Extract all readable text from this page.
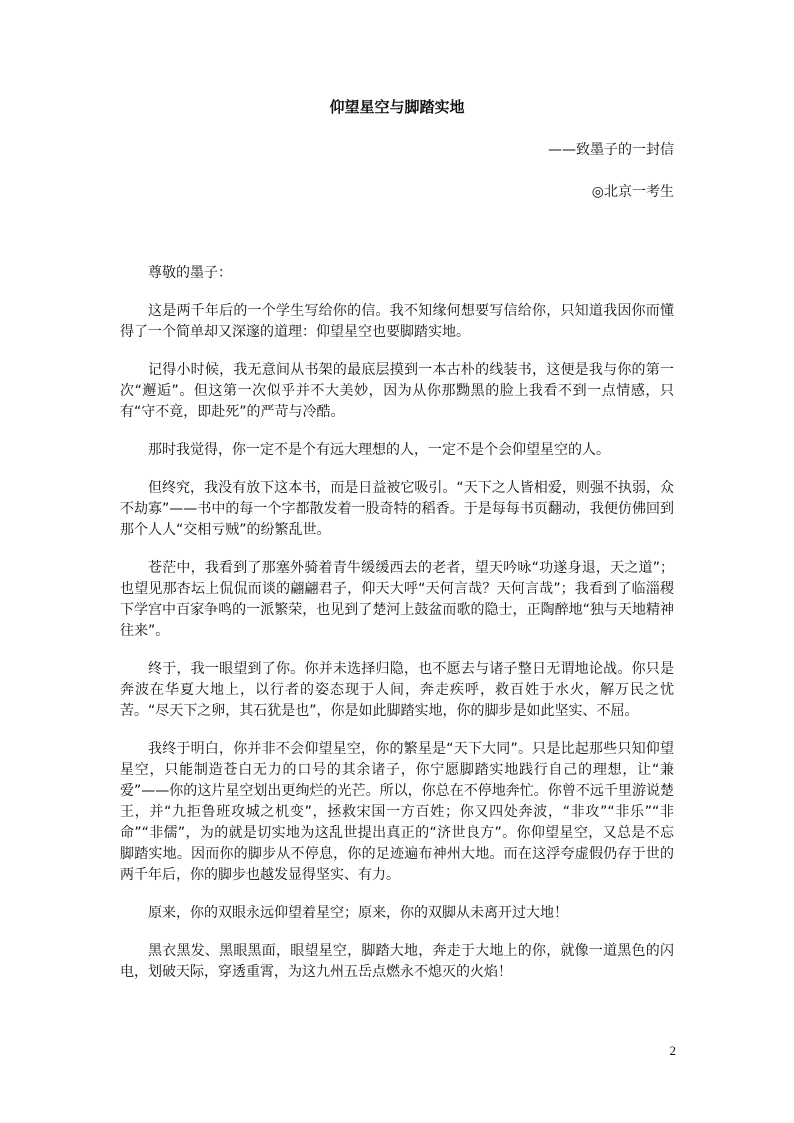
仰望星空与脚踏实地
——致墨子的一封信
◎北京一考生

尊敬的墨子：

这是两千年后的一个学生写给你的信。我不知缘何想要写信给你，只知道我因你而懂得了一个简单却又深邃的道理：仰望星空也要脚踏实地。

记得小时候，我无意间从书架的最底层摸到一本古朴的线装书，这便是我与你的第一次“邂逅”。但这第一次似乎并不大美妙，因为从你那黝黑的脸上我看不到一点情感，只有“守不竟，即赴死”的严苛与冷酷。

那时我觉得，你一定不是个有远大理想的人，一定不是个会仰望星空的人。

但终究，我没有放下这本书，而是日益被它吸引。“天下之人皆相爱，则强不执弱，众不劫寡”——书中的每一个字都散发着一股奇特的稻香。于是每每书页翻动，我便仿佛回到那个人人“交相亏贼”的纷繁乱世。

苍茫中，我看到了那塞外骑着青牛缓缓西去的老者，望天吟咏“功遂身退，天之道”；也望见那杏坛上侃侃而谈的翩翩君子，仰天大呼“天何言哉？天何言哉”；我看到了临淄稷下学宫中百家争鸣的一派繁荣，也见到了楚河上鼓盆而歌的隐士，正陶醉地“独与天地精神往来”。

终于，我一眼望到了你。你并未选择归隐，也不愿去与诸子整日无谓地论战。你只是奔波在华夏大地上，以行者的姿态现于人间，奔走疾呼，救百姓于水火，解万民之忧苦。“尽天下之卵，其石犹是也”，你是如此脚踏实地，你的脚步是如此坚实、不屈。

我终于明白，你并非不会仰望星空，你的繁星是“天下大同”。只是比起那些只知仰望星空，只能制造苍白无力的口号的其余诸子，你宁愿脚踏实地践行自己的理想，让“兼爱”——你的这片星空划出更绚烂的光芒。所以，你总在不停地奔忙。你曾不远千里游说楚王，并“九拒鲁班攻城之机变”，拯救宋国一方百姓；你又四处奔波，“非攻”“非乐”“非命”“非儒”，为的就是切实地为这乱世提出真正的“济世良方”。你仰望星空，又总是不忘脚踏实地。因而你的脚步从不停息，你的足迹遍布神州大地。而在这浮夸虚假仍存于世的两千年后，你的脚步也越发显得坚实、有力。

原来，你的双眼永远仰望着星空；原来，你的双脚从未离开过大地！

黑衣黑发、黑眼黑面，眼望星空，脚踏大地，奔走于大地上的你，就像一道黑色的闪电，划破天际，穿透重霄，为这九州五岳点燃永不熄灭的火焰！

2
